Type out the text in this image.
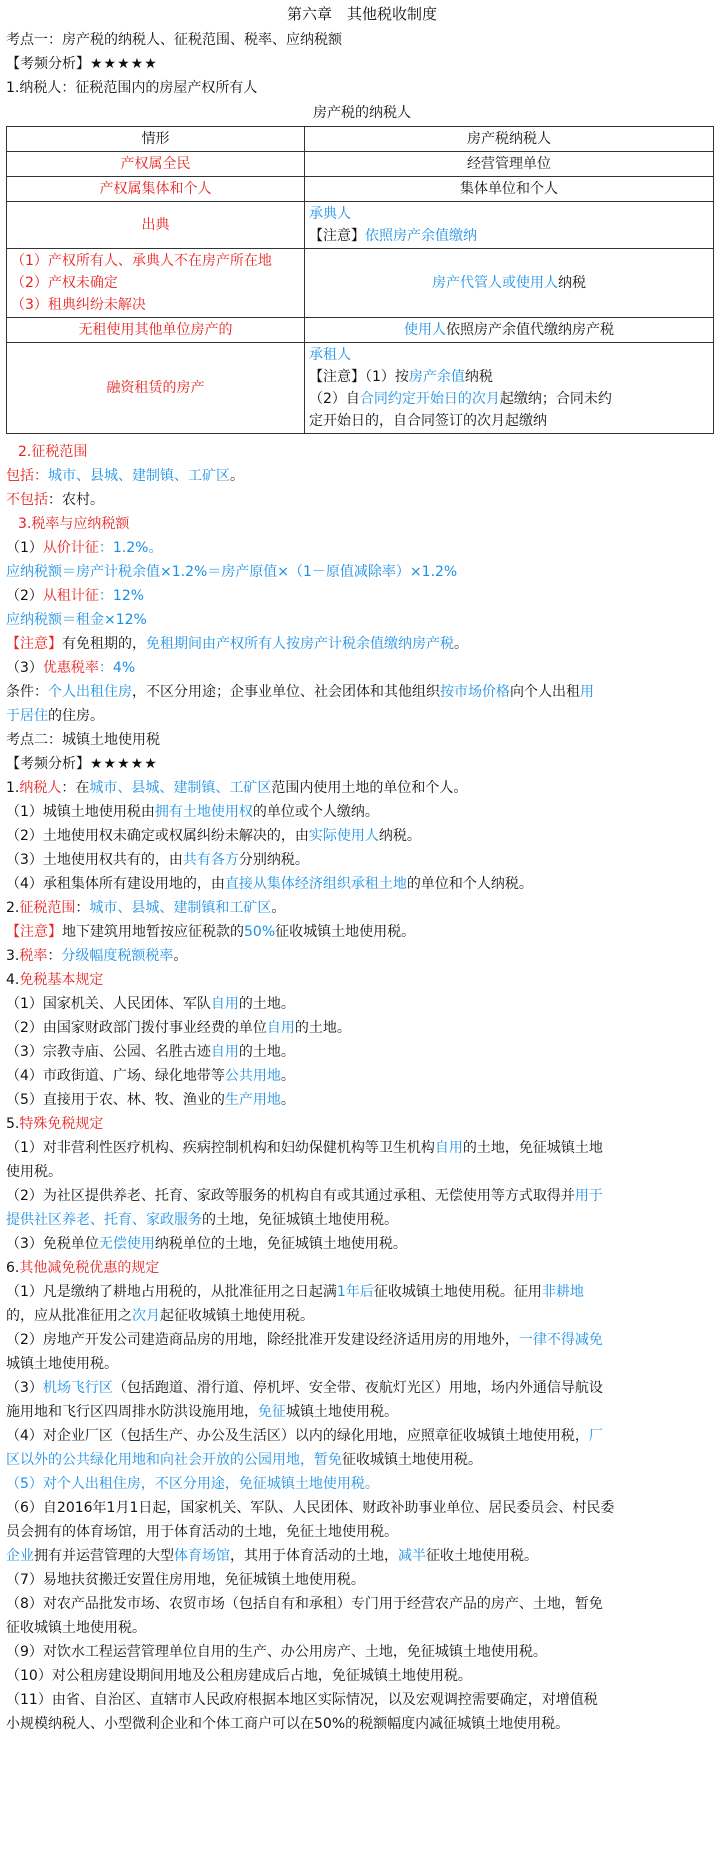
第六章　其他税收制度
考点一：房产税的纳税人、征税范围、税率、应纳税额
【考频分析】★★★★★
1.纳税人：征税范围内的房屋产权所有人
房产税的纳税人
情形	房产税纳税人
产权属全民	经营管理单位
产权属集体和个人	集体单位和个人
出典	承典人
【注意】依照房产余值缴纳

（1）产权所有人、承典人不在房产所在地
（2）产权未确定
（3）租典纠纷未解决	房产代管人或使用人纳税
无租使用其他单位房产的	使用人依照房产余值代缴纳房产税
融资租赁的房产	承租人
【注意】（1）按房产余值纳税
（2）自合同约定开始日的次月起缴纳；合同未约
定开始日的，自合同签订的次月起缴纳
2.征税范围
包括：城市、县城、建制镇、工矿区。
不包括：农村。
3.税率与应纳税额
（1）从价计征：1.2%。
应纳税额＝房产计税余值×1.2%＝房产原值×（1－原值减除率）×1.2%
（2）从租计征：12%
应纳税额＝租金×12%
【注意】有免租期的，免租期间由产权所有人按房产计税余值缴纳房产税。
（3）优惠税率：4%
条件：个人出租住房，不区分用途；企事业单位、社会团体和其他组织按市场价格向个人出租用
于居住的住房。
考点二：城镇土地使用税
【考频分析】★★★★★
1.纳税人：在城市、县城、建制镇、工矿区范围内使用土地的单位和个人。
（1）城镇土地使用税由拥有土地使用权的单位或个人缴纳。
（2）土地使用权未确定或权属纠纷未解决的，由实际使用人纳税。
（3）土地使用权共有的，由共有各方分别纳税。
（4）承租集体所有建设用地的，由直接从集体经济组织承租土地的单位和个人纳税。
2.征税范围：城市、县城、建制镇和工矿区。
【注意】地下建筑用地暂按应征税款的50%征收城镇土地使用税。
3.税率：分级幅度税额税率。
4.免税基本规定
（1）国家机关、人民团体、军队自用的土地。
（2）由国家财政部门拨付事业经费的单位自用的土地。
（3）宗教寺庙、公园、名胜古迹自用的土地。
（4）市政街道、广场、绿化地带等公共用地。
（5）直接用于农、林、牧、渔业的生产用地。
5.特殊免税规定
（1）对非营利性医疗机构、疾病控制机构和妇幼保健机构等卫生机构自用的土地，免征城镇土地
使用税。
（2）为社区提供养老、托育、家政等服务的机构自有或其通过承租、无偿使用等方式取得并用于
提供社区养老、托育、家政服务的土地，免征城镇土地使用税。
（3）免税单位无偿使用纳税单位的土地，免征城镇土地使用税。
6.其他减免税优惠的规定
（1）凡是缴纳了耕地占用税的，从批准征用之日起满1年后征收城镇土地使用税。征用非耕地
的，应从批准征用之次月起征收城镇土地使用税。
（2）房地产开发公司建造商品房的用地，除经批准开发建设经济适用房的用地外，一律不得减免
城镇土地使用税。
（3）机场飞行区（包括跑道、滑行道、停机坪、安全带、夜航灯光区）用地，场内外通信导航设
施用地和飞行区四周排水防洪设施用地，免征城镇土地使用税。
（4）对企业厂区（包括生产、办公及生活区）以内的绿化用地，应照章征收城镇土地使用税，厂
区以外的公共绿化用地和向社会开放的公园用地，暂免征收城镇土地使用税。
（5）对个人出租住房，不区分用途，免征城镇土地使用税。
（6）自2016年1月1日起，国家机关、军队、人民团体、财政补助事业单位、居民委员会、村民委
员会拥有的体育场馆，用于体育活动的土地，免征土地使用税。
企业拥有并运营管理的大型体育场馆，其用于体育活动的土地，减半征收土地使用税。
（7）易地扶贫搬迁安置住房用地，免征城镇土地使用税。
（8）对农产品批发市场、农贸市场（包括自有和承租）专门用于经营农产品的房产、土地，暂免
征收城镇土地使用税。
（9）对饮水工程运营管理单位自用的生产、办公用房产、土地，免征城镇土地使用税。
（10）对公租房建设期间用地及公租房建成后占地，免征城镇土地使用税。
（11）由省、自治区、直辖市人民政府根据本地区实际情况，以及宏观调控需要确定，对增值税
小规模纳税人、小型微利企业和个体工商户可以在50%的税额幅度内减征城镇土地使用税。
